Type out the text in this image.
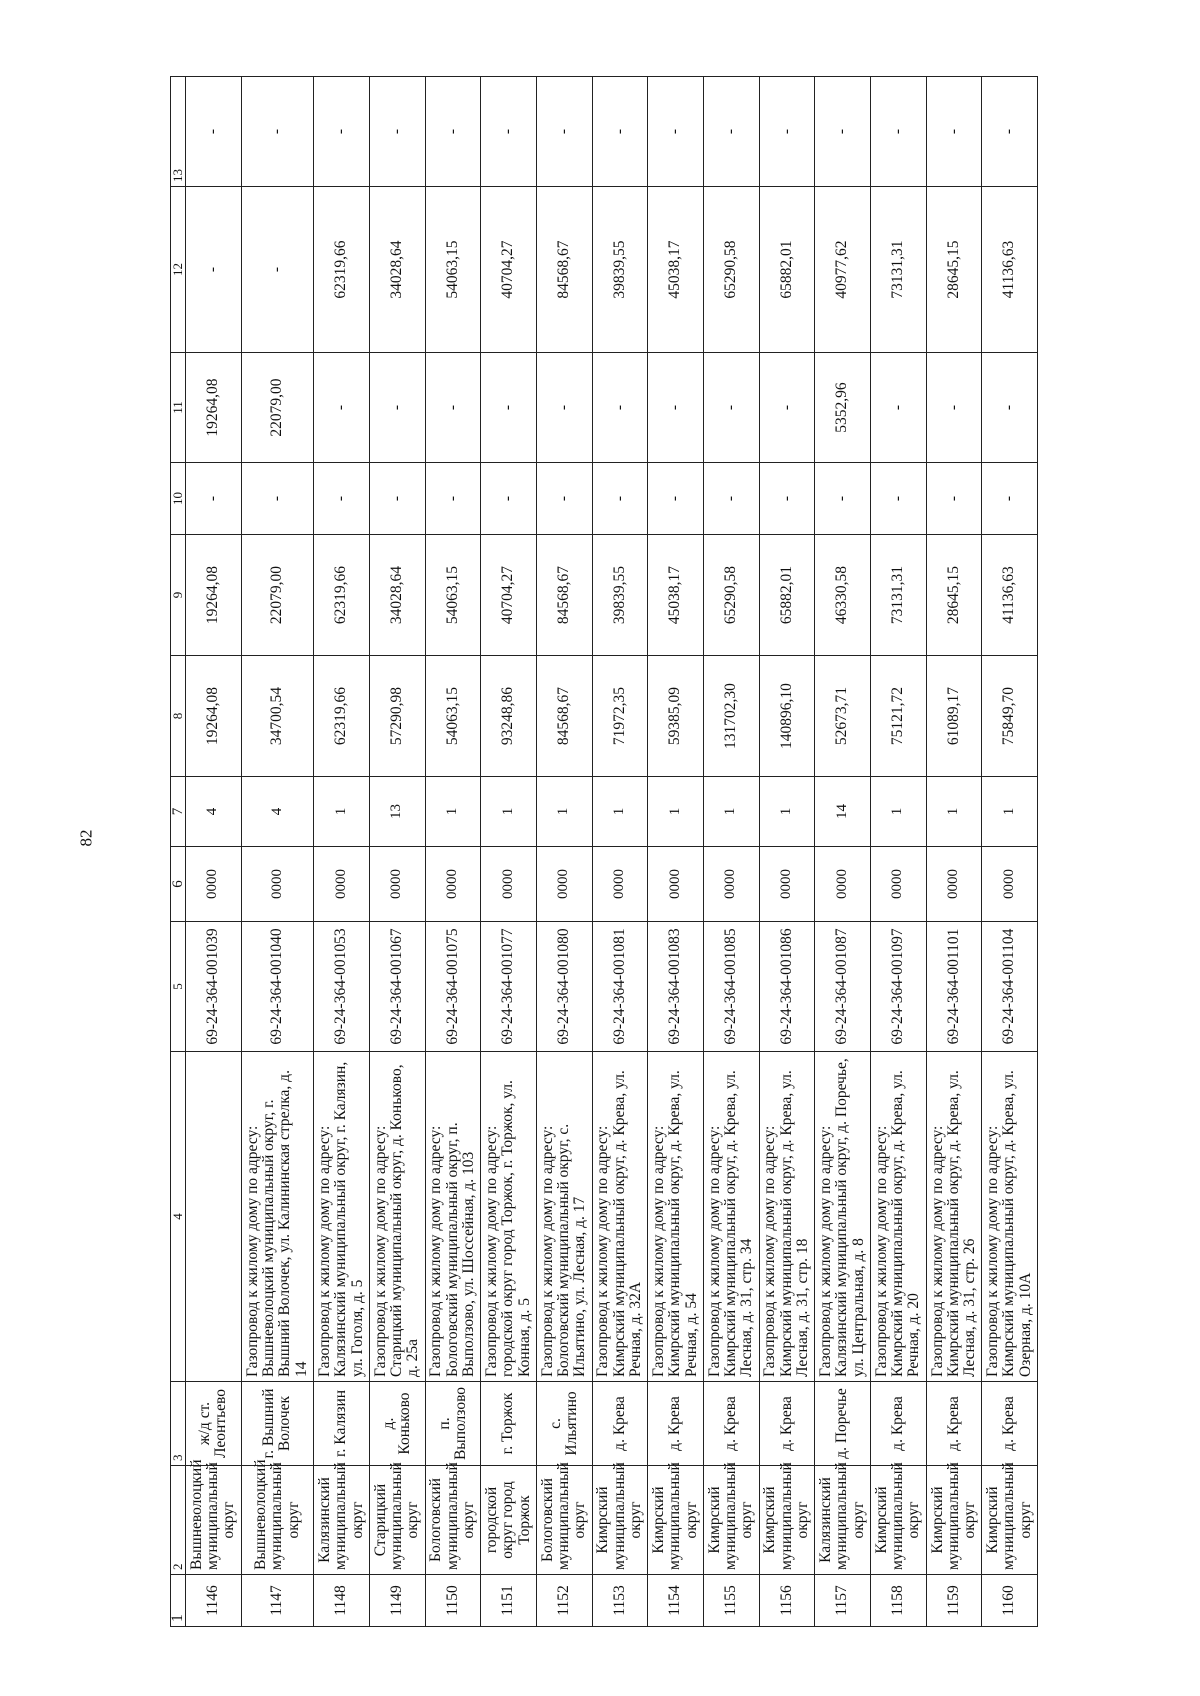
82
1	2	3	4	5	6	7	8	9	10	11	12	13
1146	Вышневолоцкий муниципальный округ	ж/д ст. Леонтьево		69-24-364-001039	0000	4	19264,08	19264,08	-	19264,08	-	-
1147	Вышневолоцкий муниципальный округ	г. Вышний Волочек	Газопровод к жилому дому по адресу: Вышневолоцкий муниципальный округ, г. Вышний Волочек, ул. Калининская стрелка, д. 14	69-24-364-001040	0000	4	34700,54	22079,00	-	22079,00	-	-
1148	Калязинский муниципальный округ	г. Калязин	Газопровод к жилому дому по адресу: Калязинский муниципальный округ, г. Калязин, ул. Гоголя, д. 5	69-24-364-001053	0000	1	62319,66	62319,66	-	-	62319,66	-
1149	Старицкий муниципальный округ	д. Коньково	Газопровод к жилому дому по адресу: Старицкий муниципальный округ, д. Коньково, д. 25а	69-24-364-001067	0000	13	57290,98	34028,64	-	-	34028,64	-
1150	Бологовский муниципальный округ	п. Выползово	Газопровод к жилому дому по адресу: Бологовский муниципальный округ, п. Выползово, ул. Шоссейная, д. 103	69-24-364-001075	0000	1	54063,15	54063,15	-	-	54063,15	-
1151	городской округ город Торжок	г. Торжок	Газопровод к жилому дому по адресу: городской округ город Торжок, г. Торжок, ул. Конная, д. 5	69-24-364-001077	0000	1	93248,86	40704,27	-	-	40704,27	-
1152	Бологовский муниципальный округ	с. Ильятино	Газопровод к жилому дому по адресу: Бологовский муниципальный округ, с. Ильятино, ул. Лесная, д. 17	69-24-364-001080	0000	1	84568,67	84568,67	-	-	84568,67	-
1153	Кимрский муниципальный округ	д. Крева	Газопровод к жилому дому по адресу: Кимрский муниципальный округ, д. Крева, ул. Речная, д. 32А	69-24-364-001081	0000	1	71972,35	39839,55	-	-	39839,55	-
1154	Кимрский муниципальный округ	д. Крева	Газопровод к жилому дому по адресу: Кимрский муниципальный округ, д. Крева, ул. Речная, д. 54	69-24-364-001083	0000	1	59385,09	45038,17	-	-	45038,17	-
1155	Кимрский муниципальный округ	д. Крева	Газопровод к жилому дому по адресу: Кимрский муниципальный округ, д. Крева, ул. Лесная, д. 31, стр. 34	69-24-364-001085	0000	1	131702,30	65290,58	-	-	65290,58	-
1156	Кимрский муниципальный округ	д. Крева	Газопровод к жилому дому по адресу: Кимрский муниципальный округ, д. Крева, ул. Лесная, д. 31, стр. 18	69-24-364-001086	0000	1	140896,10	65882,01	-	-	65882,01	-
1157	Калязинский муниципальный округ	д. Поречье	Газопровод к жилому дому по адресу: Калязинский муниципальный округ, д. Поречье, ул. Центральная, д. 8	69-24-364-001087	0000	14	52673,71	46330,58	-	5352,96	40977,62	-
1158	Кимрский муниципальный округ	д. Крева	Газопровод к жилому дому по адресу: Кимрский муниципальный округ, д. Крева, ул. Речная, д. 20	69-24-364-001097	0000	1	75121,72	73131,31	-	-	73131,31	-
1159	Кимрский муниципальный округ	д. Крева	Газопровод к жилому дому по адресу: Кимрский муниципальный округ, д. Крева, ул. Лесная, д. 31, стр. 26	69-24-364-001101	0000	1	61089,17	28645,15	-	-	28645,15	-
1160	Кимрский муниципальный округ	д. Крева	Газопровод к жилому дому по адресу: Кимрский муниципальный округ, д. Крева, ул. Озерная, д. 10А	69-24-364-001104	0000	1	75849,70	41136,63	-	-	41136,63	-
